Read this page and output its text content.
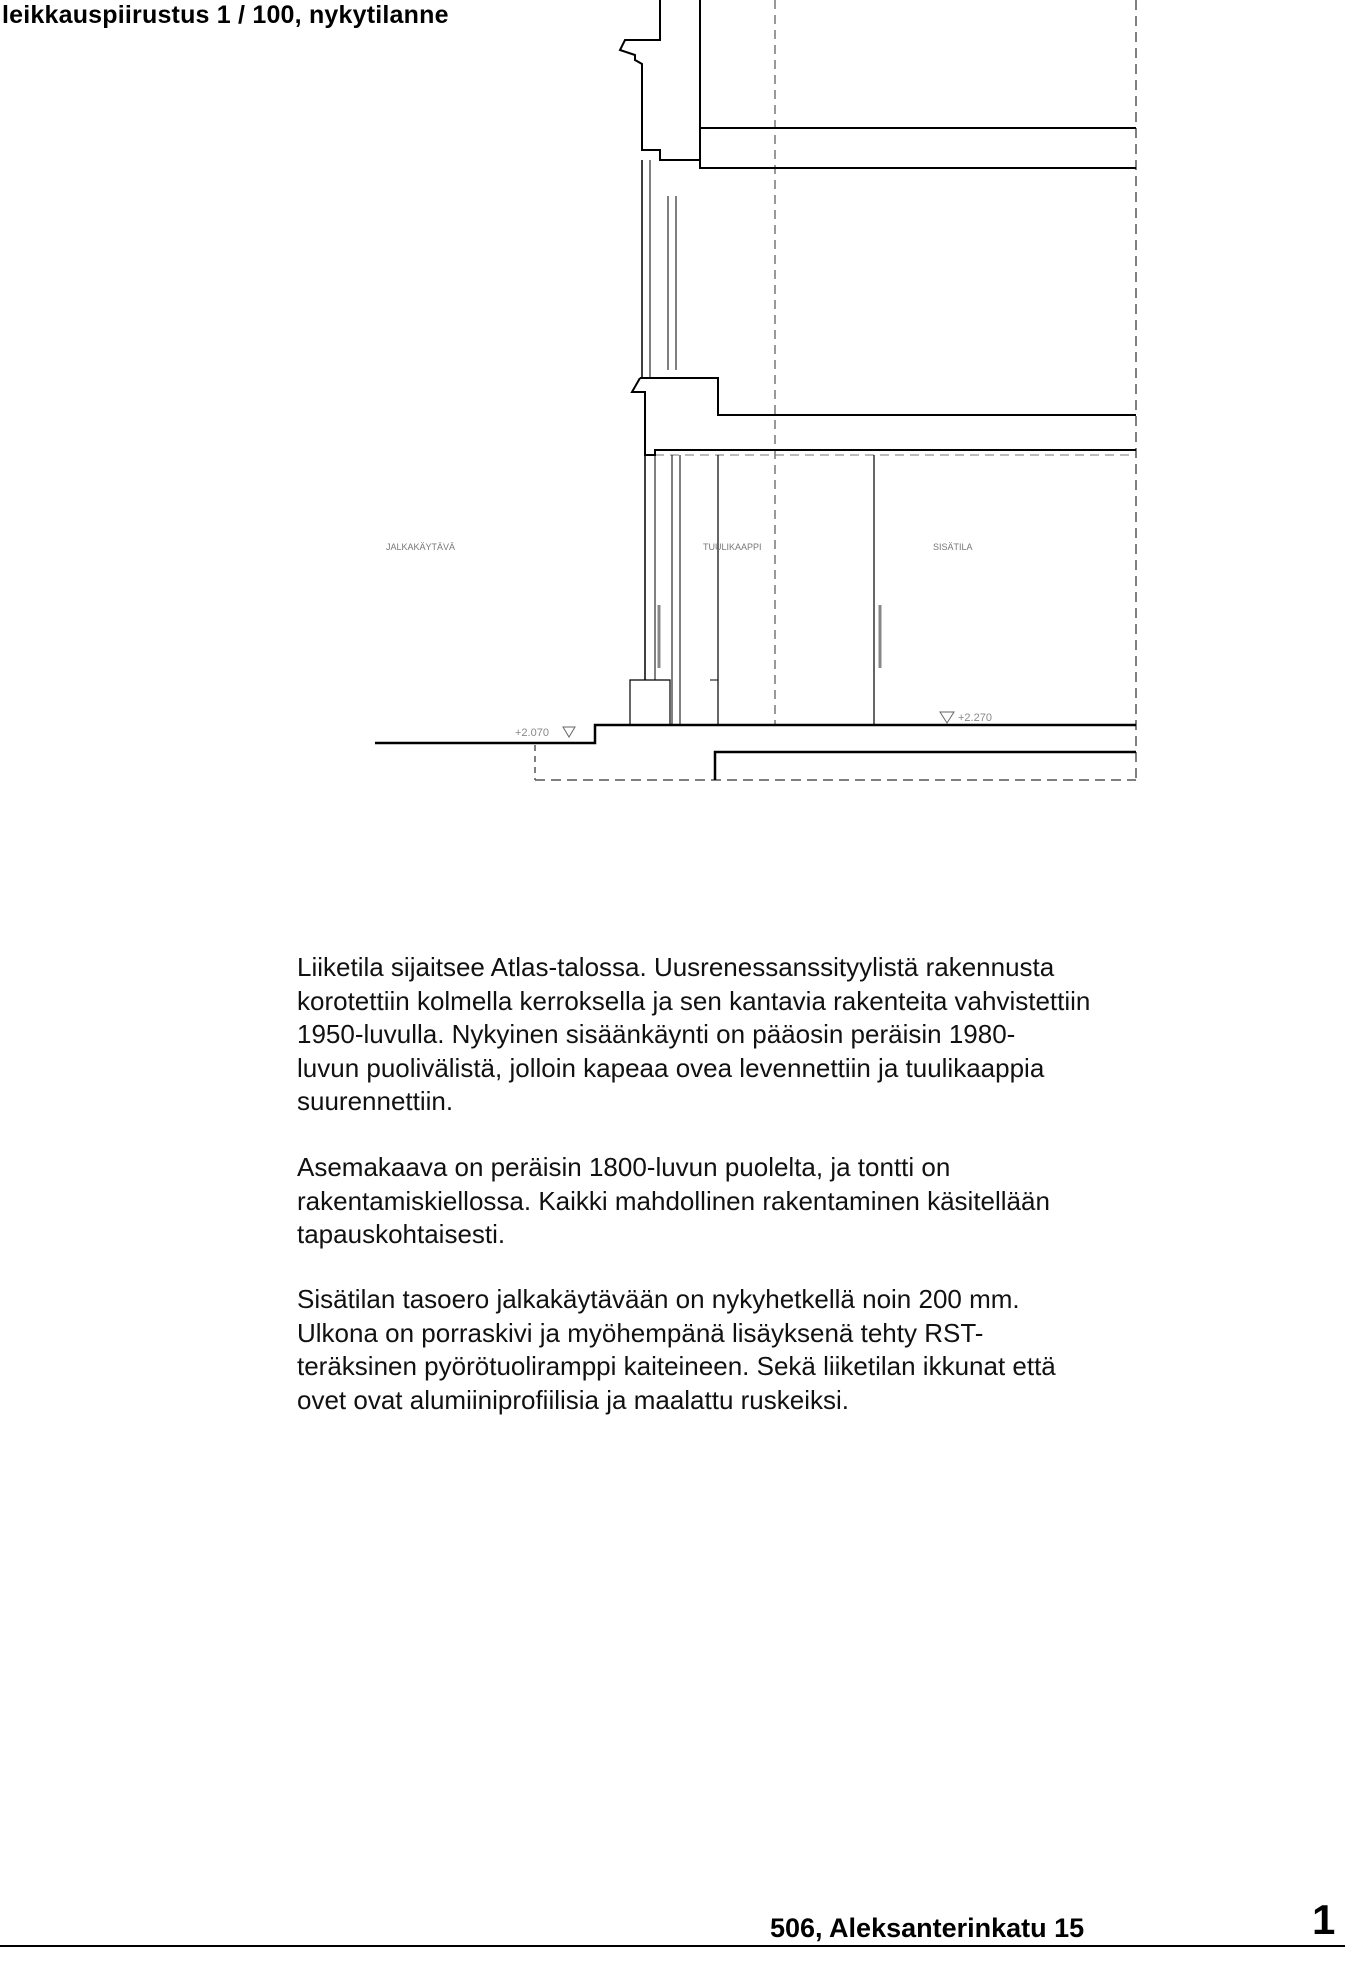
leikkauspiirustus 1 / 100, nykytilanne
JALKAKÄYTÄVÄ	TUULIKAAPPI	SISÄTILA
+2.070
+2.270

Liiketila sijaitsee Atlas-talossa. Uusrenessanssityylistä rakennusta
korotettiin kolmella kerroksella ja sen kantavia rakenteita vahvistettiin
1950-luvulla. Nykyinen sisäänkäynti on pääosin peräisin 1980-
luvun puolivälistä, jolloin kapeaa ovea levennettiin ja tuulikaappia
suurennettiin.

Asemakaava on peräisin 1800-luvun puolelta, ja tontti on
rakentamiskiellossa. Kaikki mahdollinen rakentaminen käsitellään
tapauskohtaisesti.

Sisätilan tasoero jalkakäytävään on nykyhetkellä noin 200 mm.
Ulkona on porraskivi ja myöhempänä lisäyksenä tehty RST-
teräksinen pyörötuoliramppi kaiteineen. Sekä liiketilan ikkunat että
ovet ovat alumiiniprofiilisia ja maalattu ruskeiksi.

506, Aleksanterinkatu 15	1
